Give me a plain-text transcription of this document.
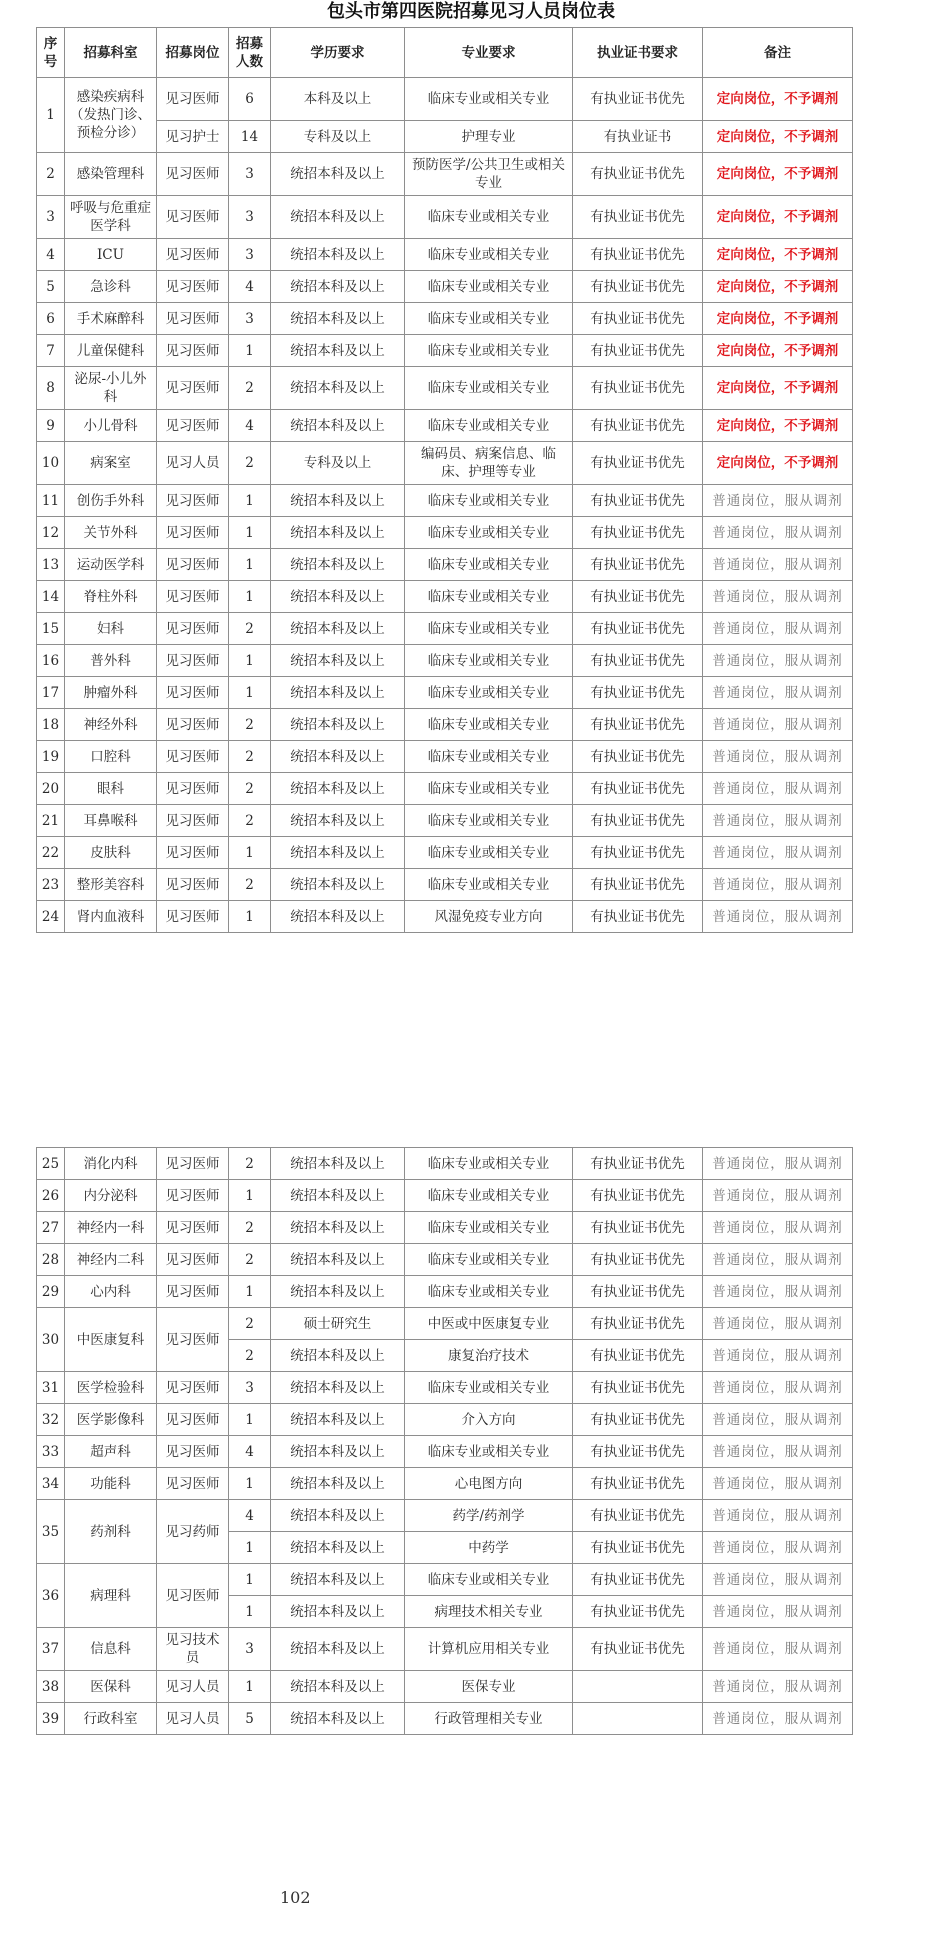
包头市第四医院招募见习人员岗位表
序号	招募科室	招募岗位	招募人数	学历要求	专业要求	执业证书要求	备注
1	感染疾病科（发热门诊、预检分诊）	见习医师	6	本科及以上	临床专业或相关专业	有执业证书优先	定向岗位，不予调剂
		见习护士	14	专科及以上	护理专业	有执业证书	定向岗位，不予调剂
2	感染管理科	见习医师	3	统招本科及以上	预防医学/公共卫生或相关专业	有执业证书优先	定向岗位，不予调剂
3	呼吸与危重症医学科	见习医师	3	统招本科及以上	临床专业或相关专业	有执业证书优先	定向岗位，不予调剂
4	ICU	见习医师	3	统招本科及以上	临床专业或相关专业	有执业证书优先	定向岗位，不予调剂
5	急诊科	见习医师	4	统招本科及以上	临床专业或相关专业	有执业证书优先	定向岗位，不予调剂
6	手术麻醉科	见习医师	3	统招本科及以上	临床专业或相关专业	有执业证书优先	定向岗位，不予调剂
7	儿童保健科	见习医师	1	统招本科及以上	临床专业或相关专业	有执业证书优先	定向岗位，不予调剂
8	泌尿-小儿外科	见习医师	2	统招本科及以上	临床专业或相关专业	有执业证书优先	定向岗位，不予调剂
9	小儿骨科	见习医师	4	统招本科及以上	临床专业或相关专业	有执业证书优先	定向岗位，不予调剂
10	病案室	见习人员	2	专科及以上	编码员、病案信息、临床、护理等专业	有执业证书优先	定向岗位，不予调剂
11	创伤手外科	见习医师	1	统招本科及以上	临床专业或相关专业	有执业证书优先	普通岗位，服从调剂
12	关节外科	见习医师	1	统招本科及以上	临床专业或相关专业	有执业证书优先	普通岗位，服从调剂
13	运动医学科	见习医师	1	统招本科及以上	临床专业或相关专业	有执业证书优先	普通岗位，服从调剂
14	脊柱外科	见习医师	1	统招本科及以上	临床专业或相关专业	有执业证书优先	普通岗位，服从调剂
15	妇科	见习医师	2	统招本科及以上	临床专业或相关专业	有执业证书优先	普通岗位，服从调剂
16	普外科	见习医师	1	统招本科及以上	临床专业或相关专业	有执业证书优先	普通岗位，服从调剂
17	肿瘤外科	见习医师	1	统招本科及以上	临床专业或相关专业	有执业证书优先	普通岗位，服从调剂
18	神经外科	见习医师	2	统招本科及以上	临床专业或相关专业	有执业证书优先	普通岗位，服从调剂
19	口腔科	见习医师	2	统招本科及以上	临床专业或相关专业	有执业证书优先	普通岗位，服从调剂
20	眼科	见习医师	2	统招本科及以上	临床专业或相关专业	有执业证书优先	普通岗位，服从调剂
21	耳鼻喉科	见习医师	2	统招本科及以上	临床专业或相关专业	有执业证书优先	普通岗位，服从调剂
22	皮肤科	见习医师	1	统招本科及以上	临床专业或相关专业	有执业证书优先	普通岗位，服从调剂
23	整形美容科	见习医师	2	统招本科及以上	临床专业或相关专业	有执业证书优先	普通岗位，服从调剂
24	肾内血液科	见习医师	1	统招本科及以上	风湿免疫专业方向	有执业证书优先	普通岗位，服从调剂
25	消化内科	见习医师	2	统招本科及以上	临床专业或相关专业	有执业证书优先	普通岗位，服从调剂
26	内分泌科	见习医师	1	统招本科及以上	临床专业或相关专业	有执业证书优先	普通岗位，服从调剂
27	神经内一科	见习医师	2	统招本科及以上	临床专业或相关专业	有执业证书优先	普通岗位，服从调剂
28	神经内二科	见习医师	2	统招本科及以上	临床专业或相关专业	有执业证书优先	普通岗位，服从调剂
29	心内科	见习医师	1	统招本科及以上	临床专业或相关专业	有执业证书优先	普通岗位，服从调剂
30	中医康复科	见习医师	2	硕士研究生	中医或中医康复专业	有执业证书优先	普通岗位，服从调剂
			2	统招本科及以上	康复治疗技术	有执业证书优先	普通岗位，服从调剂
31	医学检验科	见习医师	3	统招本科及以上	临床专业或相关专业	有执业证书优先	普通岗位，服从调剂
32	医学影像科	见习医师	1	统招本科及以上	介入方向	有执业证书优先	普通岗位，服从调剂
33	超声科	见习医师	4	统招本科及以上	临床专业或相关专业	有执业证书优先	普通岗位，服从调剂
34	功能科	见习医师	1	统招本科及以上	心电图方向	有执业证书优先	普通岗位，服从调剂
35	药剂科	见习药师	4	统招本科及以上	药学/药剂学	有执业证书优先	普通岗位，服从调剂
			1	统招本科及以上	中药学	有执业证书优先	普通岗位，服从调剂
36	病理科	见习医师	1	统招本科及以上	临床专业或相关专业	有执业证书优先	普通岗位，服从调剂
			1	统招本科及以上	病理技术相关专业	有执业证书优先	普通岗位，服从调剂
37	信息科	见习技术员	3	统招本科及以上	计算机应用相关专业	有执业证书优先	普通岗位，服从调剂
38	医保科	见习人员	1	统招本科及以上	医保专业		普通岗位，服从调剂
39	行政科室	见习人员	5	统招本科及以上	行政管理相关专业		普通岗位，服从调剂
102
